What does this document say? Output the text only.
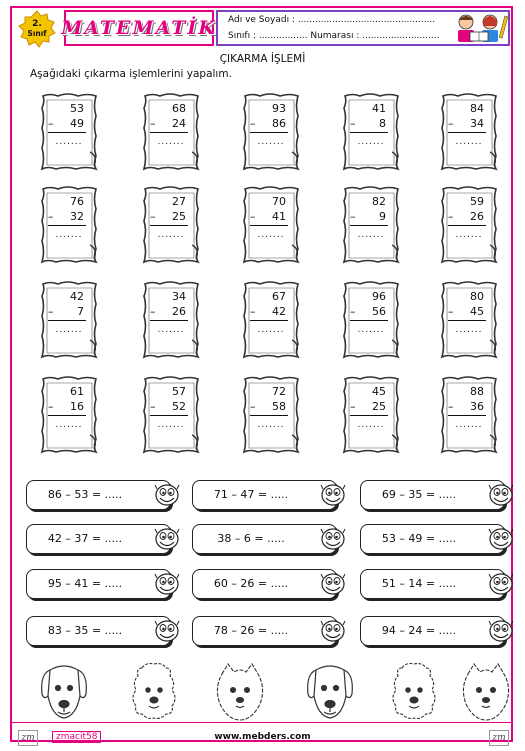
2.
Sınıf MATEMATİK Adı ve Soyadı : ................................................
Sınıfı : ................. Numarası : ...........................
ÇIKARMA İŞLEMİ
Aşağıdaki çıkarma işlemlerini yapalım.
53
– 49
.......
68
– 24
.......
93
– 86
.......
41
– 8
.......
84
– 34
.......
76
– 32
.......
27
– 25
.......
70
– 41
.......
82
– 9
.......
59
– 26
.......
42
– 7
.......
34
– 26
.......
67
– 42
.......
96
– 56
.......
80
– 45
.......
61
– 16
.......
57
– 52
.......
72
– 58
.......
45
– 25
.......
88
– 36
.......
86 – 53 = .....	71 – 47 = .....	69 – 35 = .....
42 – 37 = .....	38 – 6 = .....	53 – 49 = .....
95 – 41 = .....	60 – 26 = .....	51 – 14 = .....
83 – 35 = .....	78 – 26 = .....	94 – 24 = .....
zm	zmacit58	www.mebders.com	zm
